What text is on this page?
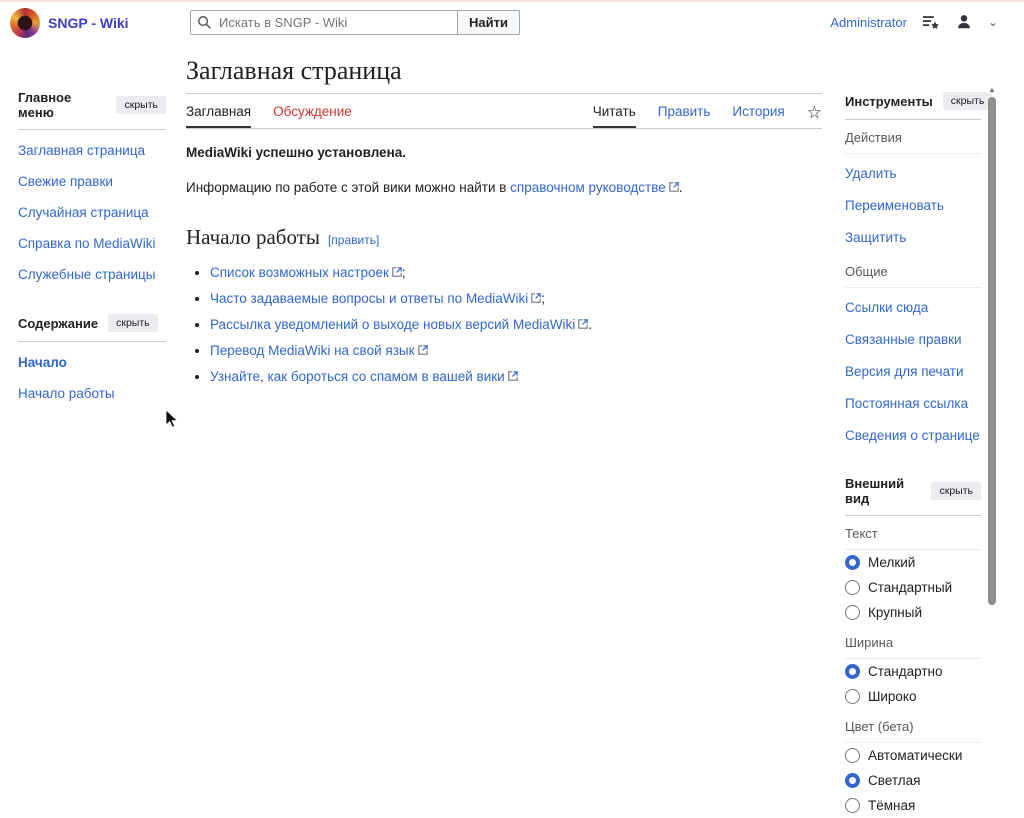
SNGP - Wiki
Искать в SNGP - Wiki	Найти	Administrator	⌄
Главное меню	скрыть
Заглавная страница
Свежие правки
Случайная страница
Справка по MediaWiki
Служебные страницы
Содержание	скрыть
Начало
Начало работы
Заглавная страница
Заглавная Обсуждение	Читать Править История ☆

MediaWiki успешно установлена.

Информацию по работе с этой вики можно найти в справочном руководстве .

Начало работы [править]
• Список возможных настроек ;
• Часто задаваемые вопросы и ответы по MediaWiki ;
• Рассылка уведомлений о выходе новых версий MediaWiki .
• Перевод MediaWiki на свой язык
• Узнайте, как бороться со спамом в вашей вики
Инструменты	скрыть
Действия
Удалить
Переименовать
Защитить
Общие
Ссылки сюда
Связанные правки
Версия для печати
Постоянная ссылка
Сведения о странице
Внешний вид	скрыть
Текст
Мелкий
Стандартный
Крупный
Ширина
Стандартно
Широко
Цвет (бета)
Автоматически
Светлая
Тёмная
▲
